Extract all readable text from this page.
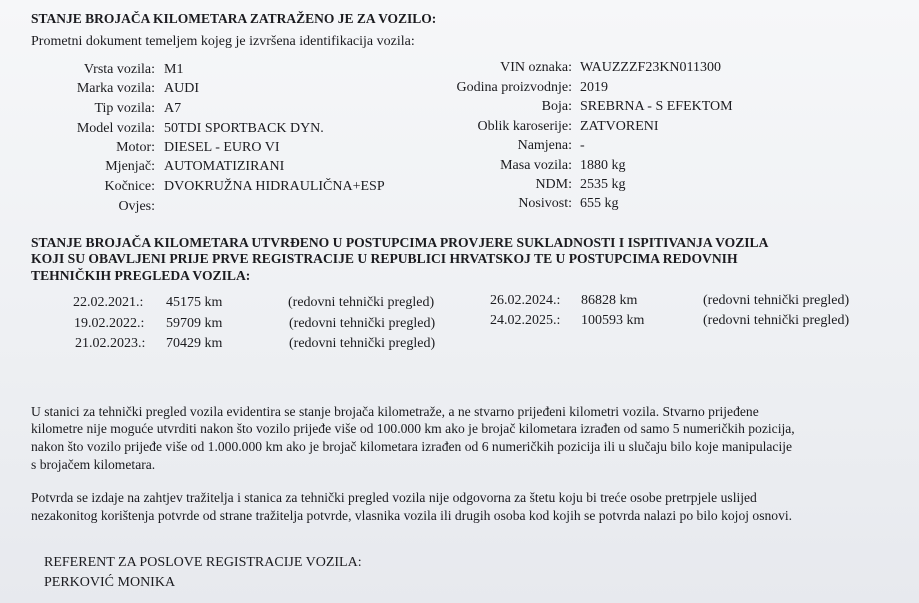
STANJE BROJAČA KILOMETARA ZATRAŽENO JE ZA VOZILO:
Prometni dokument temeljem kojeg je izvršena identifikacija vozila:
Vrsta vozila: M1
Marka vozila: AUDI
Tip vozila: A7
Model vozila: 50TDI SPORTBACK DYN.
Motor: DIESEL - EURO VI
Mjenjač: AUTOMATIZIRANI
Kočnice: DVOKRUŽNA HIDRAULIČNA+ESP
Ovjes:
VIN oznaka: WAUZZZF23KN011300
Godina proizvodnje: 2019
Boja: SREBRNA - S EFEKTOM
Oblik karoserije: ZATVORENI
Namjena: -
Masa vozila: 1880 kg
NDM: 2535 kg
Nosivost: 655 kg
STANJE BROJAČA KILOMETARA UTVRĐENO U POSTUPCIMA PROVJERE SUKLADNOSTI I ISPITIVANJA VOZILA
KOJI SU OBAVLJENI PRIJE PRVE REGISTRACIJE U REPUBLICI HRVATSKOJ TE U POSTUPCIMA REDOVNIH
TEHNIČKIH PREGLEDA VOZILA:
22.02.2021.: 45175 km	(redovni tehnički pregled)
19.02.2022.: 59709 km	(redovni tehnički pregled)
21.02.2023.: 70429 km	(redovni tehnički pregled)
26.02.2024.: 86828 km	(redovni tehnički pregled)
24.02.2025.: 100593 km	(redovni tehnički pregled)
U stanici za tehnički pregled vozila evidentira se stanje brojača kilometraže, a ne stvarno prijeđeni kilometri vozila. Stvarno prijeđene
kilometre nije moguće utvrditi nakon što vozilo prijeđe više od 100.000 km ako je brojač kilometara izrađen od samo 5 numeričkih pozicija,
nakon što vozilo prijeđe više od 1.000.000 km ako je brojač kilometara izrađen od 6 numeričkih pozicija ili u slučaju bilo koje manipulacije
s brojačem kilometara.
Potvrda se izdaje na zahtjev tražitelja i stanica za tehnički pregled vozila nije odgovorna za štetu koju bi treće osobe pretrpjele uslijed
nezakonitog korištenja potvrde od strane tražitelja potvrde, vlasnika vozila ili drugih osoba kod kojih se potvrda nalazi po bilo kojoj osnovi.
REFERENT ZA POSLOVE REGISTRACIJE VOZILA:
PERKOVIĆ MONIKA
